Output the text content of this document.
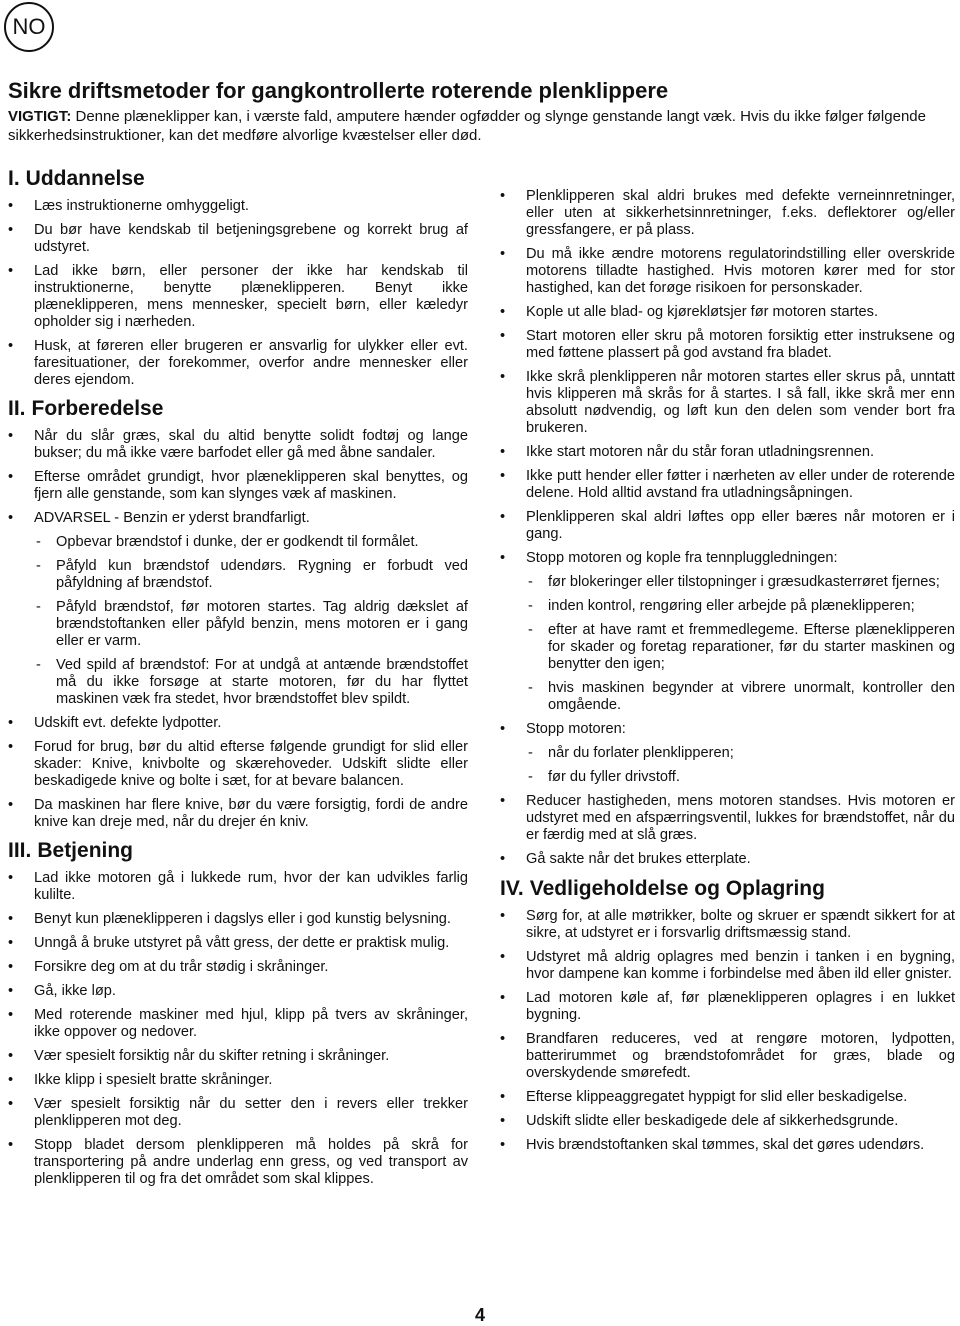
NO
Sikre driftsmetoder for gangkontrollerte roterende plenklippere

VIGTIGT: Denne plæneklipper kan, i værste fald, amputere hænder ogfødder og slynge genstande langt væk. Hvis du ikke følger følgende sikkerhedsinstruktioner, kan det medføre alvorlige kvæstelser eller død.

I. Uddannelse
• Læs instruktionerne omhyggeligt.
• Du bør have kendskab til betjeningsgrebene og korrekt brug af udstyret.
• Lad ikke børn, eller personer der ikke har kendskab til instruktionerne, benytte plæneklipperen. Benyt ikke plæneklipperen, mens mennesker, specielt børn, eller kæledyr opholder sig i nærheden.
• Husk, at føreren eller brugeren er ansvarlig for ulykker eller evt. faresituationer, der forekommer, overfor andre mennesker eller deres ejendom.
II. Forberedelse
• Når du slår græs, skal du altid benytte solidt fodtøj og lange bukser; du må ikke være barfodet eller gå med åbne sandaler.
• Efterse området grundigt, hvor plæneklipperen skal benyttes, og fjern alle genstande, som kan slynges væk af maskinen.
• ADVARSEL - Benzin er yderst brandfarligt.
- Opbevar brændstof i dunke, der er godkendt til formålet.
- Påfyld kun brændstof udendørs. Rygning er forbudt ved påfyldning af brændstof.
- Påfyld brændstof, før motoren startes. Tag aldrig dækslet af brændstoftanken eller påfyld benzin, mens motoren er i gang eller er varm.
- Ved spild af brændstof: For at undgå at antænde brændstoffet må du ikke forsøge at starte motoren, før du har flyttet maskinen væk fra stedet, hvor brændstoffet blev spildt.
• Udskift evt. defekte lydpotter.
• Forud for brug, bør du altid efterse følgende grundigt for slid eller skader: Knive, knivbolte og skærehoveder. Udskift slidte eller beskadigede knive og bolte i sæt, for at bevare balancen.
• Da maskinen har flere knive, bør du være forsigtig, fordi de andre knive kan dreje med, når du drejer én kniv.
III. Betjening
• Lad ikke motoren gå i lukkede rum, hvor der kan udvikles farlig kulilte.
• Benyt kun plæneklipperen i dagslys eller i god kunstig belysning.
• Unngå å bruke utstyret på vått gress, der dette er praktisk mulig.
• Forsikre deg om at du trår stødig i skråninger.
• Gå, ikke løp.
• Med roterende maskiner med hjul, klipp på tvers av skråninger, ikke oppover og nedover.
• Vær spesielt forsiktig når du skifter retning i skråninger.
• Ikke klipp i spesielt bratte skråninger.
• Vær spesielt forsiktig når du setter den i revers eller trekker plenklipperen mot deg.
• Stopp bladet dersom plenklipperen må holdes på skrå for transportering på andre underlag enn gress, og ved transport av plenklipperen til og fra det området som skal klippes.
• Plenklipperen skal aldri brukes med defekte verneinnretninger, eller uten at sikkerhetsinnretninger, f.eks. deflektorer og/eller gressfangere, er på plass.
• Du må ikke ændre motorens regulatorindstilling eller overskride motorens tilladte hastighed. Hvis motoren kører med for stor hastighed, kan det forøge risikoen for personskader.
• Kople ut alle blad- og kjørekløtsjer før motoren startes.
• Start motoren eller skru på motoren forsiktig etter instruksene og med føttene plassert på god avstand fra bladet.
• Ikke skrå plenklipperen når motoren startes eller skrus på, unntatt hvis klipperen må skrås for å startes. I så fall, ikke skrå mer enn absolutt nødvendig, og løft kun den delen som vender bort fra brukeren.
• Ikke start motoren når du står foran utladningsrennen.
• Ikke putt hender eller føtter i nærheten av eller under de roterende delene. Hold alltid avstand fra utladningsåpningen.
• Plenklipperen skal aldri løftes opp eller bæres når motoren er i gang.
• Stopp motoren og kople fra tennpluggledningen:
- før blokeringer eller tilstopninger i græsudkasterrøret fjernes;
- inden kontrol, rengøring eller arbejde på plæneklipperen;
- efter at have ramt et fremmedlegeme. Efterse plæneklipperen for skader og foretag reparationer, før du starter maskinen og benytter den igen;
- hvis maskinen begynder at vibrere unormalt, kontroller den omgående.
• Stopp motoren:
- når du forlater plenklipperen;
- før du fyller drivstoff.
• Reducer hastigheden, mens motoren standses. Hvis motoren er udstyret med en afspærringsventil, lukkes for brændstoffet, når du er færdig med at slå græs.
• Gå sakte når det brukes etterplate.
IV. Vedligeholdelse og Oplagring
• Sørg for, at alle møtrikker, bolte og skruer er spændt sikkert for at sikre, at udstyret er i forsvarlig driftsmæssig stand.
• Udstyret må aldrig oplagres med benzin i tanken i en bygning, hvor dampene kan komme i forbindelse med åben ild eller gnister.
• Lad motoren køle af, før plæneklipperen oplagres i en lukket bygning.
• Brandfaren reduceres, ved at rengøre motoren, lydpotten, batterirummet og brændstofområdet for græs, blade og overskydende smørefedt.
• Efterse klippeaggregatet hyppigt for slid eller beskadigelse.
• Udskift slidte eller beskadigede dele af sikkerhedsgrunde.
• Hvis brændstoftanken skal tømmes, skal det gøres udendørs.
4
